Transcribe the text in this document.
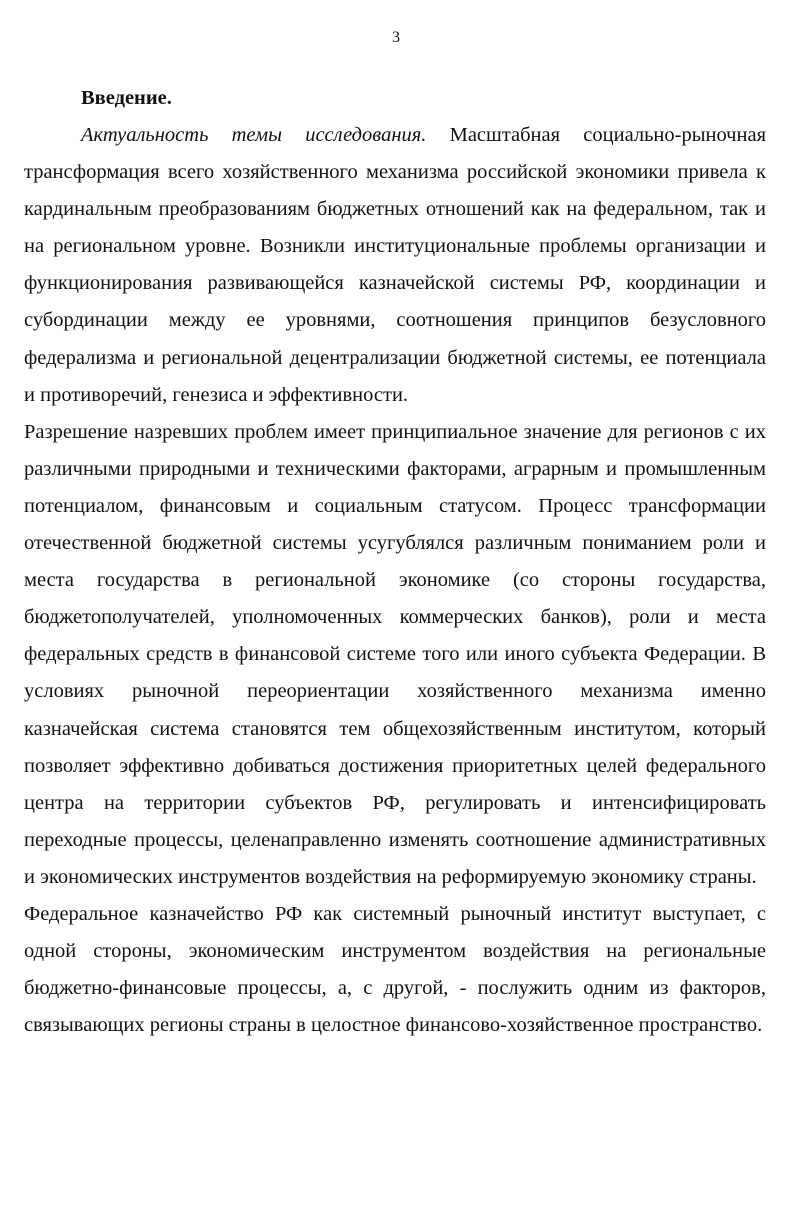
3

Введение.

Актуальность темы исследования. Масштабная социально-рыночная трансформация всего хозяйственного механизма российской экономики привела к кардинальным преобразованиям бюджетных отношений как на федеральном, так и на региональном уровне. Возникли институциональные проблемы организации и функционирования развивающейся казначейской системы РФ, координации и субординации между ее уровнями, соотношения принципов безусловного федерализма и региональной децентрализации бюджетной системы, ее потенциала и противоречий, генезиса и эффективности.

Разрешение назревших проблем имеет принципиальное значение для регионов с их различными природными и техническими факторами, аграрным и промышленным потенциалом, финансовым и социальным статусом. Процесс трансформации отечественной бюджетной системы усугублялся различным пониманием роли и места государства в региональной экономике (со стороны государства, бюджетополучателей, уполномоченных коммерческих банков), роли и места федеральных средств в финансовой системе того или иного субъекта Федерации. В условиях рыночной переориентации хозяйственного механизма именно казначейская система становятся тем общехозяйственным институтом, который позволяет эффективно добиваться достижения приоритетных целей федерального центра на территории субъектов РФ, регулировать и интенсифицировать переходные процессы, целенаправленно изменять соотношение административных и экономических инструментов воздействия на реформируемую экономику страны.

Федеральное казначейство РФ как системный рыночный институт выступает, с одной стороны, экономическим инструментом воздействия на региональные бюджетно-финансовые процессы, а, с другой, - послужить одним из факторов, связывающих регионы страны в целостное финансово-хозяйственное пространство.
